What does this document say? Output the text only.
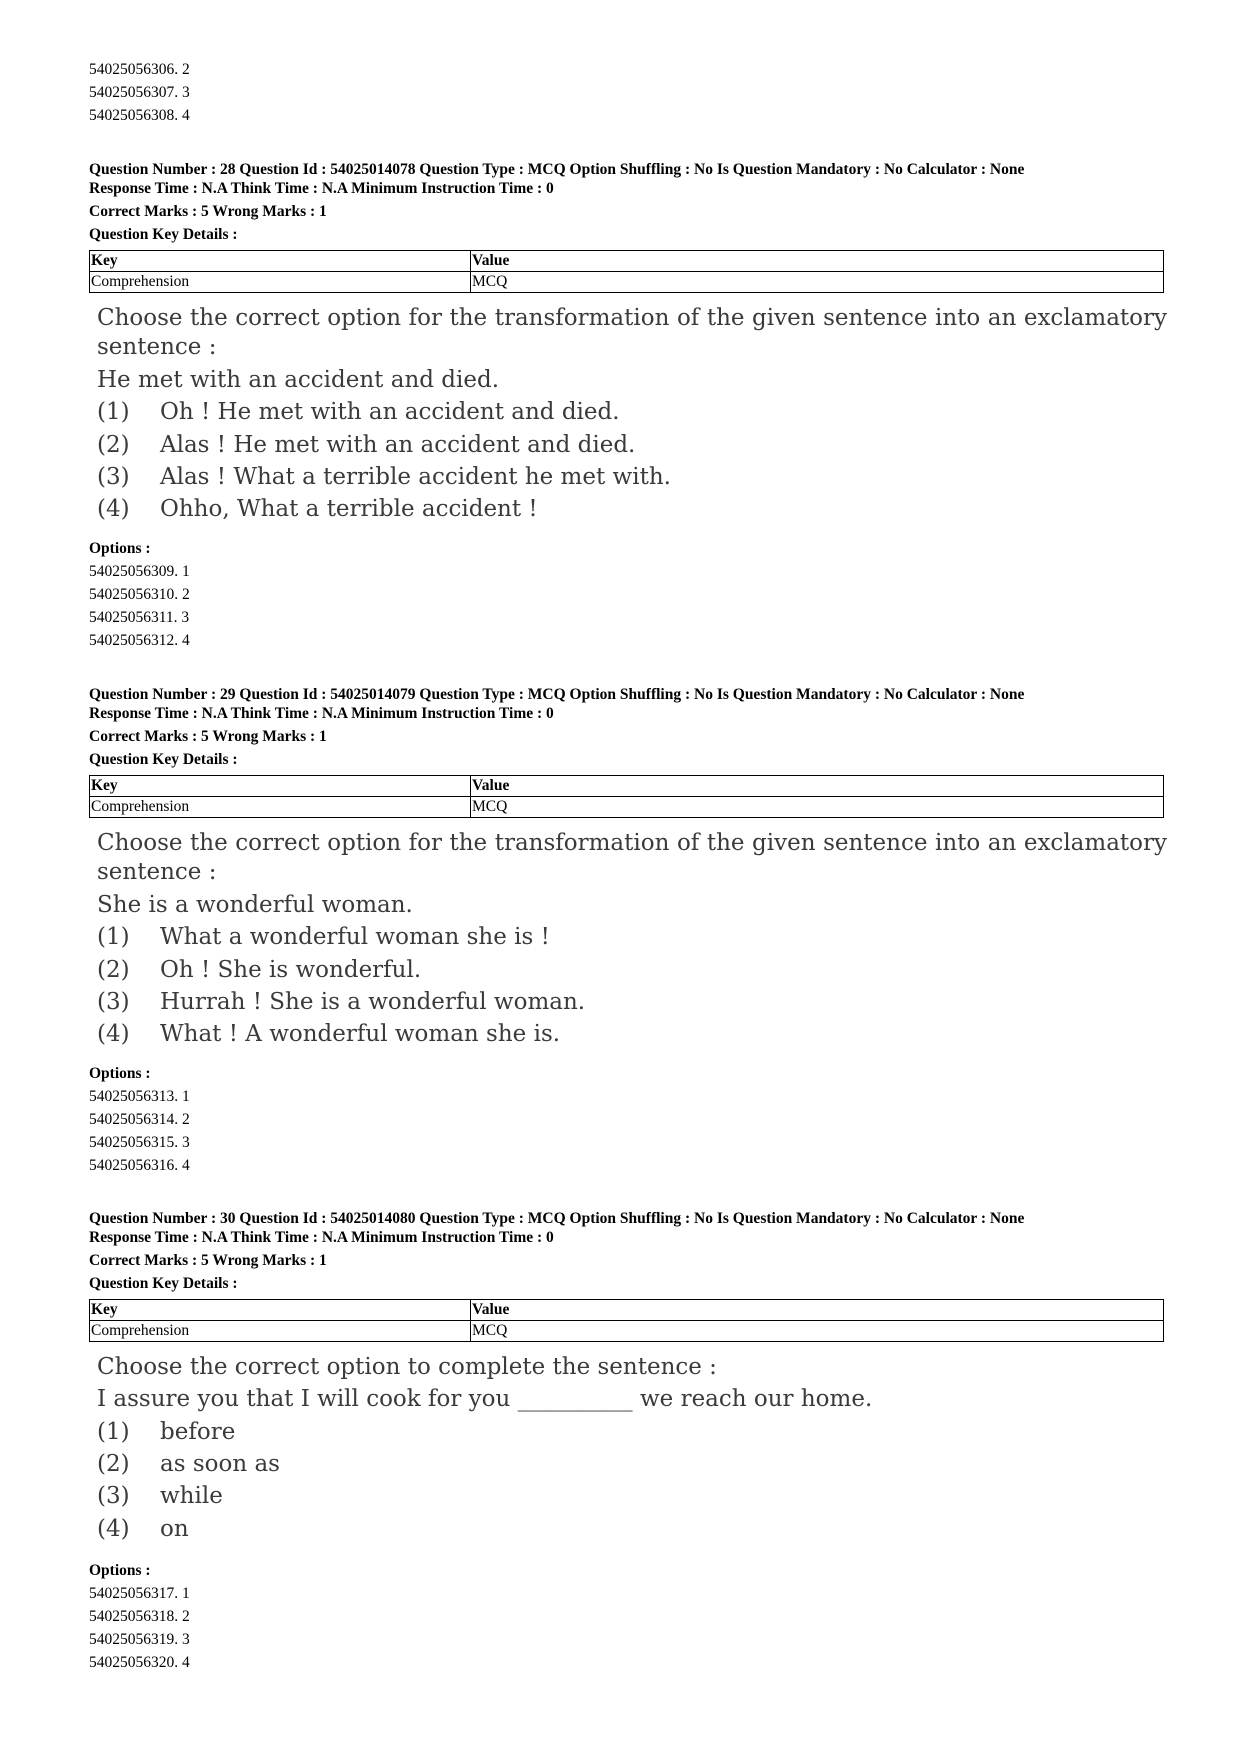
54025056306. 2
54025056307. 3
54025056308. 4
Question Number : 28 Question Id : 54025014078 Question Type : MCQ Option Shuffling : No Is Question Mandatory : No Calculator : None
Response Time : N.A Think Time : N.A Minimum Instruction Time : 0
Correct Marks : 5 Wrong Marks : 1
Question Key Details :
Key	Value
Comprehension	MCQ
Choose the correct option for the transformation of the given sentence into an exclamatory
sentence :
He met with an accident and died.
(1) Oh ! He met with an accident and died.
(2) Alas ! He met with an accident and died.
(3) Alas ! What a terrible accident he met with.
(4) Ohho, What a terrible accident !
Options :
54025056309. 1
54025056310. 2
54025056311. 3
54025056312. 4
Question Number : 29 Question Id : 54025014079 Question Type : MCQ Option Shuffling : No Is Question Mandatory : No Calculator : None
Response Time : N.A Think Time : N.A Minimum Instruction Time : 0
Correct Marks : 5 Wrong Marks : 1
Question Key Details :
Key	Value
Comprehension	MCQ
Choose the correct option for the transformation of the given sentence into an exclamatory
sentence :
She is a wonderful woman.
(1) What a wonderful woman she is !
(2) Oh ! She is wonderful.
(3) Hurrah ! She is a wonderful woman.
(4) What ! A wonderful woman she is.
Options :
54025056313. 1
54025056314. 2
54025056315. 3
54025056316. 4
Question Number : 30 Question Id : 54025014080 Question Type : MCQ Option Shuffling : No Is Question Mandatory : No Calculator : None
Response Time : N.A Think Time : N.A Minimum Instruction Time : 0
Correct Marks : 5 Wrong Marks : 1
Question Key Details :
Key	Value
Comprehension	MCQ
Choose the correct option to complete the sentence :
I assure you that I will cook for you __________ we reach our home.
(1) before
(2) as soon as
(3) while
(4) on
Options :
54025056317. 1
54025056318. 2
54025056319. 3
54025056320. 4
